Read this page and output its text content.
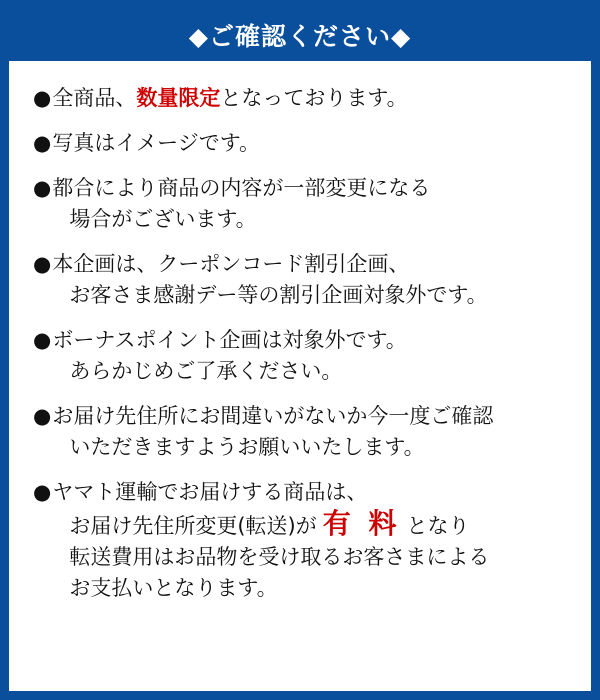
◆ご確認ください◆
● 全商品、数量限定となっております。
● 写真はイメージです。
● 都合により商品の内容が一部変更になる
場合がございます。
● 本企画は、クーポンコード割引企画、
お客さま感謝デー等の割引企画対象外です。
● ボーナスポイント企画は対象外です。
あらかじめご了承ください。
● お届け先住所にお間違いがないか今一度ご確認
いただきますようお願いいたします。
● ヤマト運輸でお届けする商品は、
お届け先住所変更(転送)が 有 料 となり
転送費用はお品物を受け取るお客さまによる
お支払いとなります。
